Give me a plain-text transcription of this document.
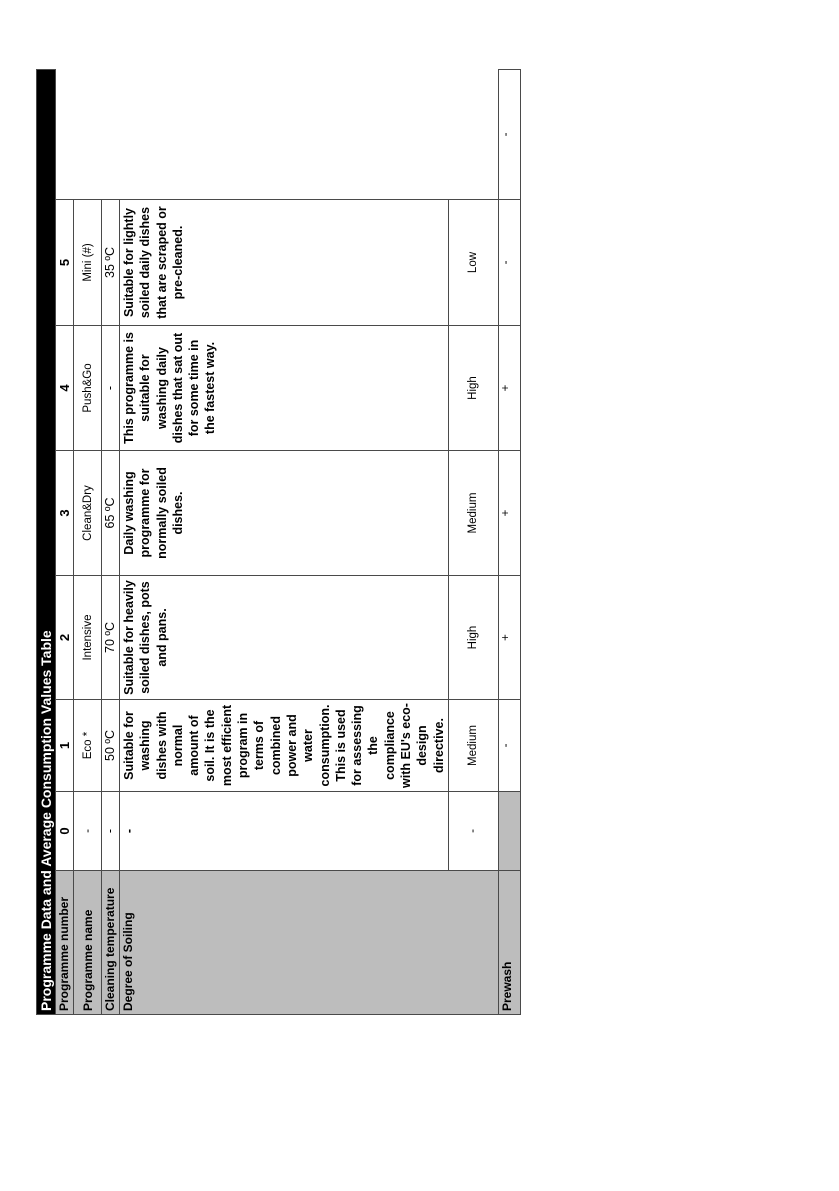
Programme Data and Average Consumption Values Table							
Programme number	0	1	2	3	4	5	
Programme name	-	Eco *	Intensive	Clean&Dry	Push&Go	Mini (#)	
Cleaning temperature	-	50 ºC	70 ºC	65 ºC	-	35 ºC	
Degree of Soiling	-	Suitable for washing dishes with normal amount of soil. It is the most efficient program in terms of combined power and water consumption. This is used for assessing the compliance with EU's eco-design directive.	Suitable for heavily soiled dishes, pots and pans.	Daily washing programme for normally soiled dishes.	This programme is suitable for washing daily dishes that sat out for some time in the fastest way.	Suitable for lightly soiled daily dishes that are scraped or pre-cleaned.	
	-	Medium	High	Medium	High	Low	
Prewash		-	+	+	+	-	-
